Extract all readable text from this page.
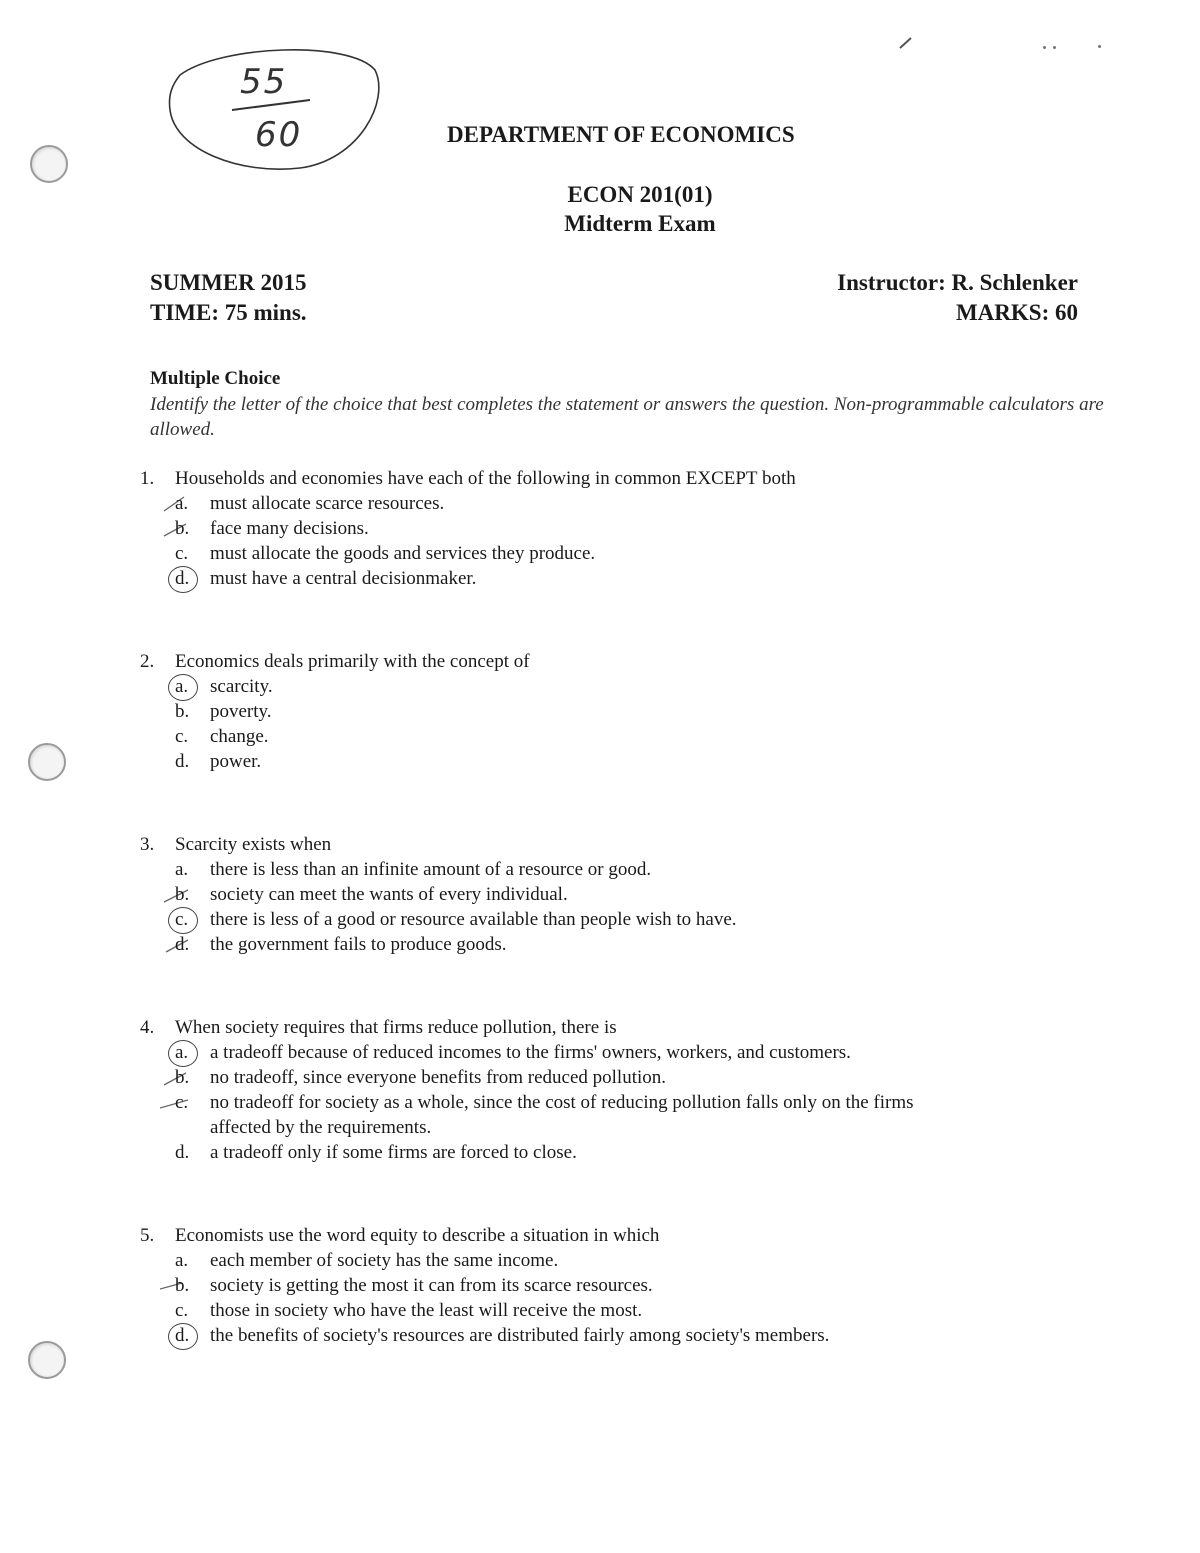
55
60	DEPARTMENT OF ECONOMICS
ECON 201(01)
Midterm Exam
SUMMER 2015
TIME: 75 mins.
Instructor: R. Schlenker
MARKS: 60
Multiple Choice
Identify the letter of the choice that best completes the statement or answers the question. Non-programmable calculators are allowed.
1.	Households and economies have each of the following in common EXCEPT both
a.	must allocate scarce resources.
b.	face many decisions.
c.	must allocate the goods and services they produce.
d.	must have a central decisionmaker.
2.	Economics deals primarily with the concept of
a.	scarcity.
b.	poverty.
c.	change.
d.	power.
3.	Scarcity exists when
a.	there is less than an infinite amount of a resource or good.
b.	society can meet the wants of every individual.
c.	there is less of a good or resource available than people wish to have.
d.	the government fails to produce goods.
4.	When society requires that firms reduce pollution, there is
a.	a tradeoff because of reduced incomes to the firms' owners, workers, and customers.
b.	no tradeoff, since everyone benefits from reduced pollution.
c.	no tradeoff for society as a whole, since the cost of reducing pollution falls only on the firms affected by the requirements.
d.	a tradeoff only if some firms are forced to close.
5.	Economists use the word equity to describe a situation in which
a.	each member of society has the same income.
b.	society is getting the most it can from its scarce resources.
c.	those in society who have the least will receive the most.
d.	the benefits of society's resources are distributed fairly among society's members.
